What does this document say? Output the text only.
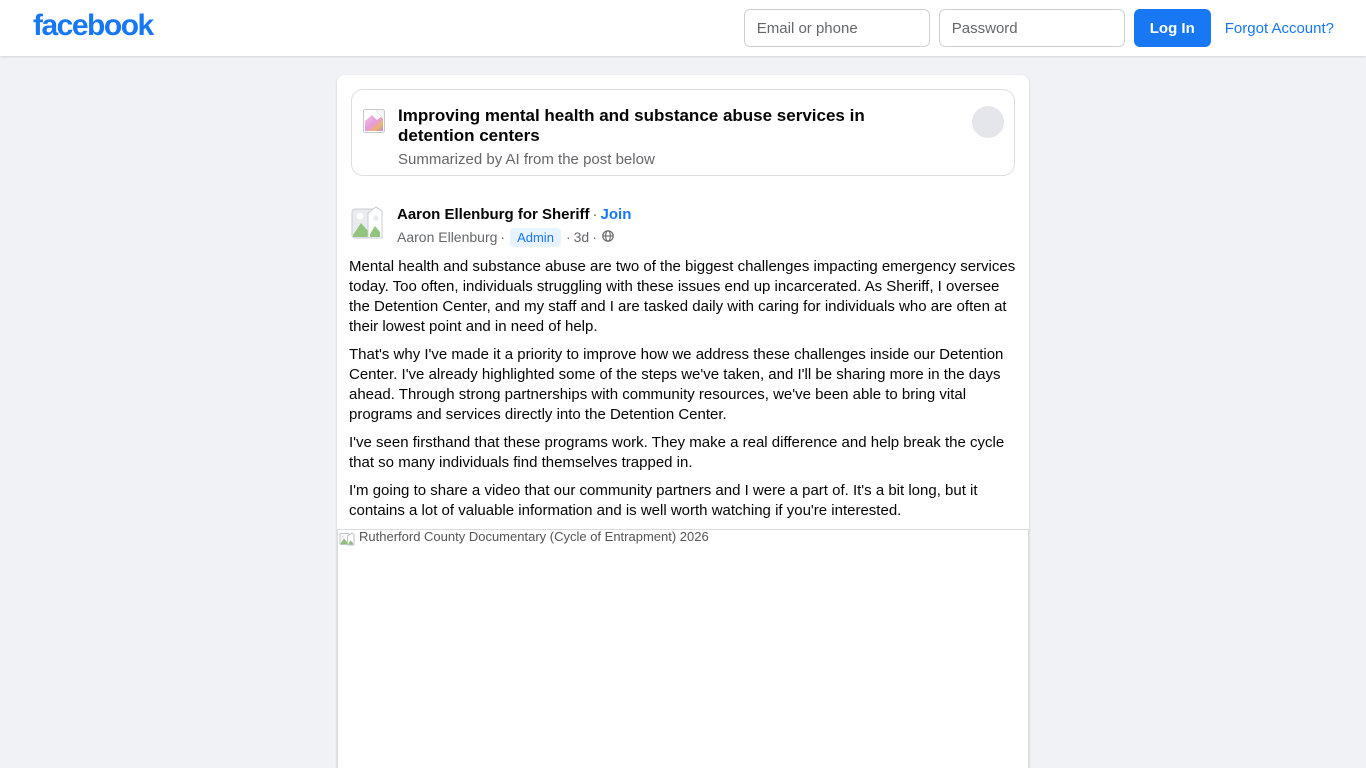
facebook
Email or phone	Log In	Forgot Account?
Improving mental health and substance abuse services in detention centers
Summarized by AI from the post below
Aaron Ellenburg for Sheriff · Join
Aaron Ellenburg · Admin · 3d ·

Mental health and substance abuse are two of the biggest challenges impacting emergency services today. Too often, individuals struggling with these issues end up incarcerated. As Sheriff, I oversee the Detention Center, and my staff and I are tasked daily with caring for individuals who are often at their lowest point and in need of help.

That's why I've made it a priority to improve how we address these challenges inside our Detention Center. I've already highlighted some of the steps we've taken, and I'll be sharing more in the days ahead. Through strong partnerships with community resources, we've been able to bring vital programs and services directly into the Detention Center.

I've seen firsthand that these programs work. They make a real difference and help break the cycle that so many individuals find themselves trapped in.

I'm going to share a video that our community partners and I were a part of. It's a bit long, but it contains a lot of valuable information and is well worth watching if you're interested.

Rutherford County Documentary (Cycle of Entrapment) 2026
